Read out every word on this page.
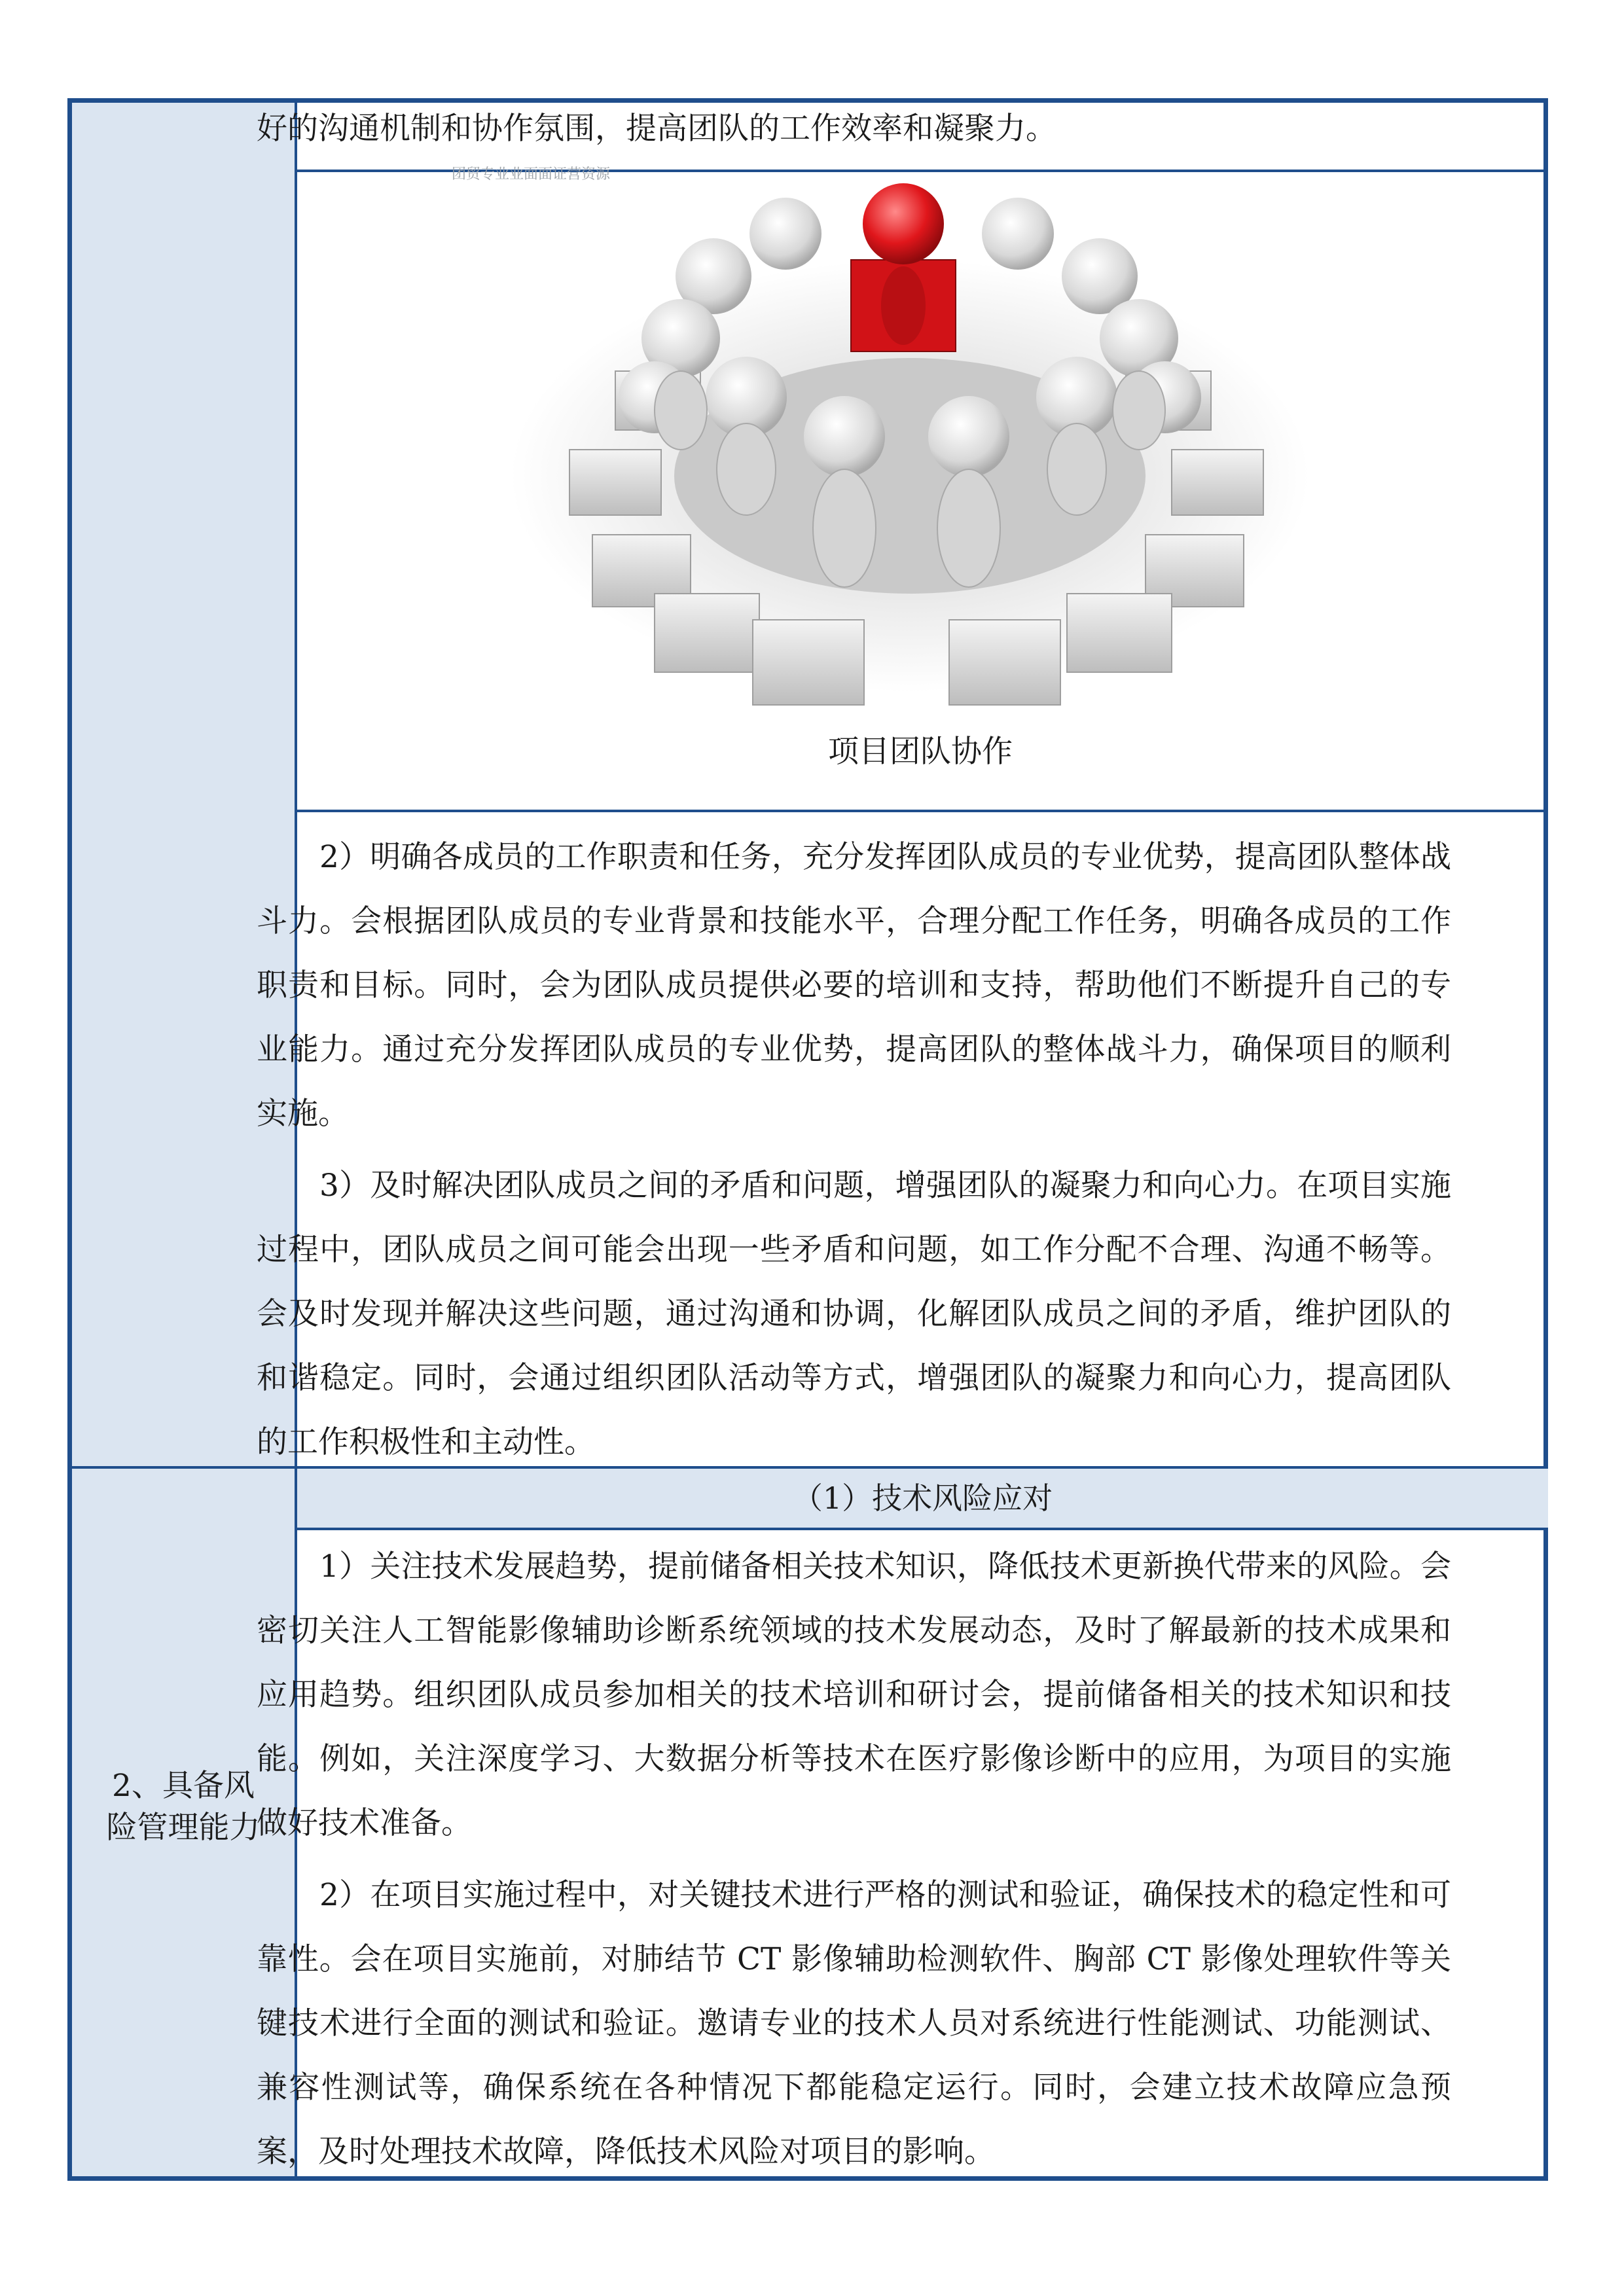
好的沟通机制和协作氛围，提高团队的工作效率和凝聚力。

团贸专业业面面证营资源
项目团队协作

2）明确各成员的工作职责和任务，充分发挥团队成员的专业优势，提高团队整体战斗力。会根据团队成员的专业背景和技能水平，合理分配工作任务，明确各成员的工作职责和目标。同时，会为团队成员提供必要的培训和支持，帮助他们不断提升自己的专业能力。通过充分发挥团队成员的专业优势，提高团队的整体战斗力，确保项目的顺利实施。

3）及时解决团队成员之间的矛盾和问题，增强团队的凝聚力和向心力。在项目实施过程中，团队成员之间可能会出现一些矛盾和问题，如工作分配不合理、沟通不畅等。会及时发现并解决这些问题，通过沟通和协调，化解团队成员之间的矛盾，维护团队的和谐稳定。同时，会通过组织团队活动等方式，增强团队的凝聚力和向心力，提高团队的工作积极性和主动性。

（1）技术风险应对
2、具备风
险管理能力

1）关注技术发展趋势，提前储备相关技术知识，降低技术更新换代带来的风险。会密切关注人工智能影像辅助诊断系统领域的技术发展动态，及时了解最新的技术成果和应用趋势。组织团队成员参加相关的技术培训和研讨会，提前储备相关的技术知识和技能。例如，关注深度学习、大数据分析等技术在医疗影像诊断中的应用，为项目的实施做好技术准备。

2）在项目实施过程中，对关键技术进行严格的测试和验证，确保技术的稳定性和可靠性。会在项目实施前，对肺结节 CT 影像辅助检测软件、胸部 CT 影像处理软件等关键技术进行全面的测试和验证。邀请专业的技术人员对系统进行性能测试、功能测试、兼容性测试等，确保系统在各种情况下都能稳定运行。同时，会建立技术故障应急预案，及时处理技术故障，降低技术风险对项目的影响。
